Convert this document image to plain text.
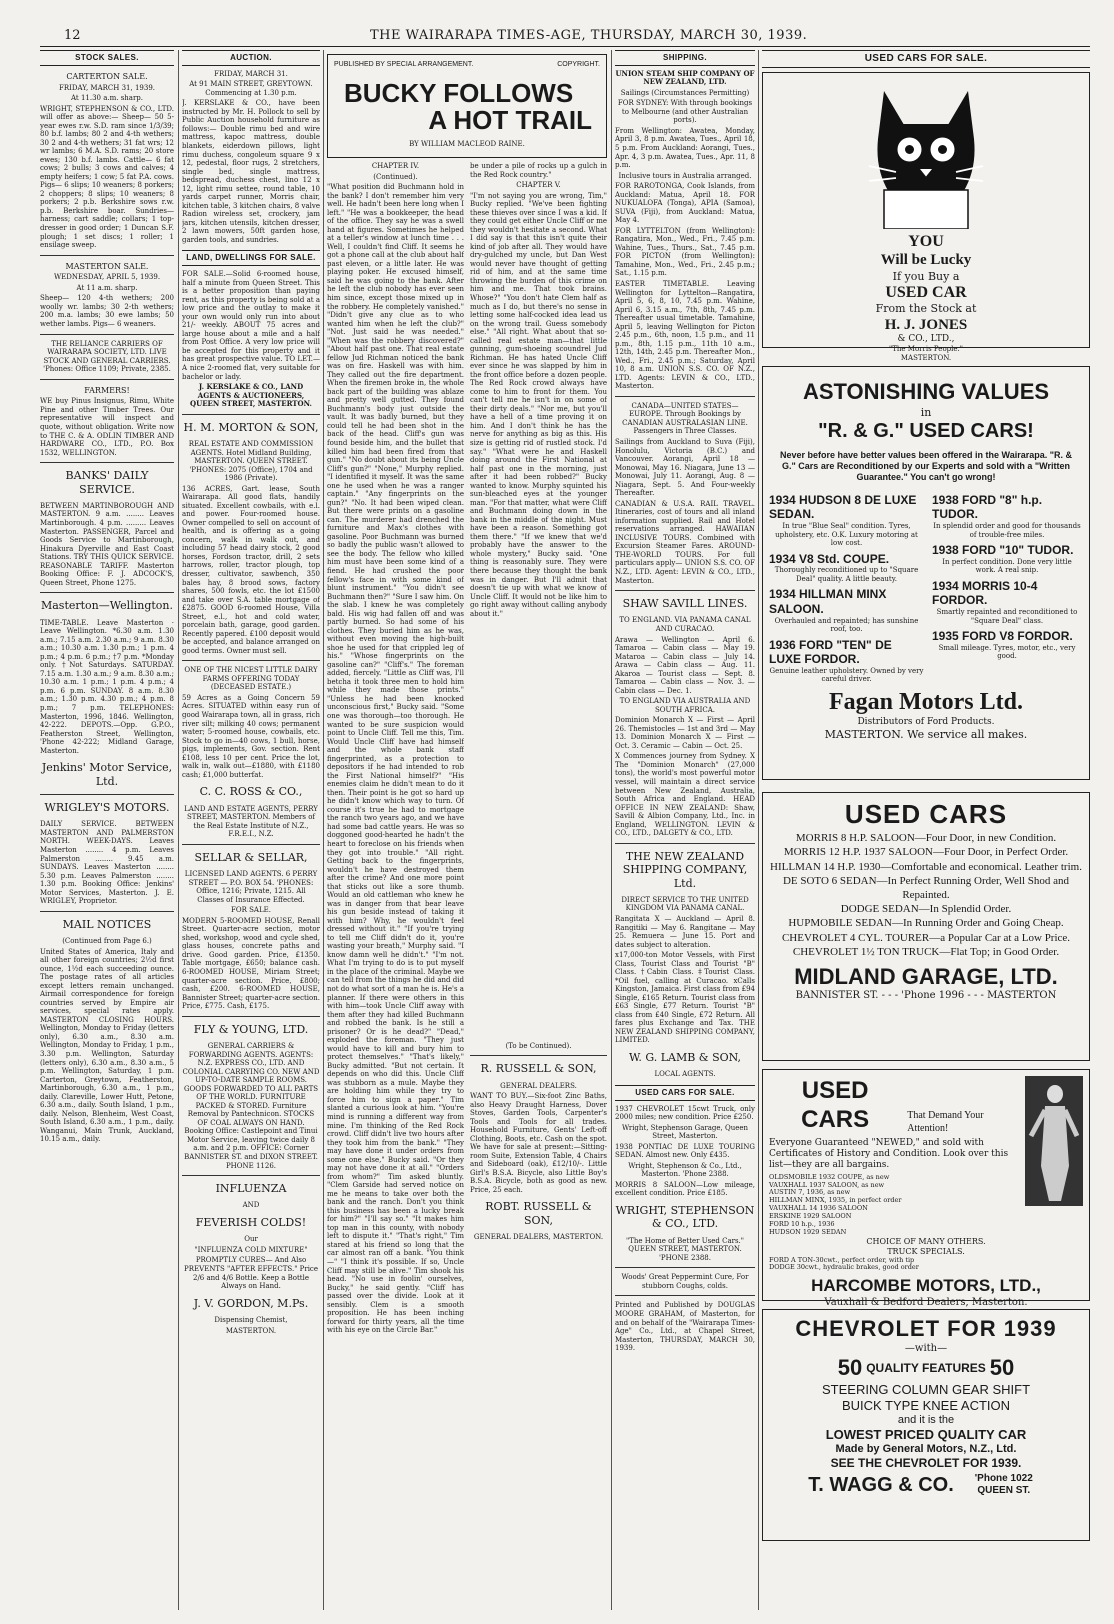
12	THE WAIRARAPA TIMES-AGE, THURSDAY, MARCH 30, 1939.
STOCK SALES.
CARTERTON SALE.

FRIDAY, MARCH 31, 1939.

At 11.30 a.m. sharp.

WRIGHT, STEPHENSON & CO., LTD. will offer as above:— Sheep— 50 5-year ewes r.w. S.D. ram since 1/3/39; 80 b.f. lambs; 80 2 and 4-th wethers; 30 2 and 4-th wethers; 31 fat wrs; 12 wr lambs; 6 M.A. S.D. rams; 20 store ewes; 130 b.f. lambs. Cattle— 6 fat cows; 2 bulls; 3 cows and calves; 4 empty heifers; 1 cow; 5 fat P.A. cows. Pigs— 6 slips; 10 weaners; 8 porkers; 2 choppers; 8 slips; 10 weaners; 8 porkers; 2 p.b. Berkshire sows r.w. p.b. Berkshire boar. Sundries— harness; cart saddle; collars; 1 top-dresser in good order; 1 Duncan S.F. plough; 1 set discs; 1 roller; 1 ensilage sweep.

MASTERTON SALE.

WEDNESDAY, APRIL 5, 1939.

At 11 a.m. sharp.

Sheep— 120 4-th wethers; 200 woolly wr. lambs; 30 2-th wethers; 200 m.a. lambs; 30 ewe lambs; 50 wether lambs. Pigs— 6 weaners.

THE RELIANCE CARRIERS OF WAIRARAPA SOCIETY, LTD. LIVE STOCK AND GENERAL CARRIERS. 'Phones: Office 1109; Private, 2385.

FARMERS!

WE buy Pinus Insignus, Rimu, White Pine and other Timber Trees. Our representative will inspect and quote, without obligation. Write now to THE C. & A. ODLIN TIMBER AND HARDWARE CO., LTD., P.O. Box 1532, WELLINGTON.

BANKS' DAILY SERVICE.

BETWEEN MARTINBOROUGH AND MASTERTON. 9 a.m. ........ Leaves Martinborough. 4 p.m. ......... Leaves Masterton. PASSENGER, Parcel and Goods Service to Martinborough, Hinakura Dyerville and East Coast Stations. TRY THIS QUICK SERVICE. REASONABLE TARIFF. Masterton Booking Office: F. J. ADCOCK'S, Queen Street, Phone 1275.

Masterton—Wellington.

TIME-TABLE. Leave Masterton · Leave Wellington. *6.30 a.m. 1.30 a.m.; 7.15 a.m. 2.30 a.m.; 9 a.m. 8.30 a.m.; 10.30 a.m. 1.30 p.m.; 1 p.m. 4 p.m.; 4 p.m. 6 p.m.; †7 p.m. *Monday only. †Not Saturdays. SATURDAY. 7.15 a.m. 1.30 a.m.; 9 a.m. 8.30 a.m.; 10.30 a.m. 1 p.m.; 1 p.m. 4 p.m.; 4 p.m. 6 p.m. SUNDAY. 8 a.m. 8.30 a.m.; 1.30 p.m. 4.30 p.m.; 4 p.m. 8 p.m.; 7 p.m. TELEPHONES: Masterton, 1996, 1846. Wellington, 42-222. DEPOTS.—Opp. G.P.O., Featherston Street, Wellington, 'Phone 42-222; Midland Garage, Masterton.

Jenkins' Motor Service, Ltd.
WRIGLEY'S MOTORS.

DAILY SERVICE. BETWEEN MASTERTON AND PALMERSTON NORTH. WEEK-DAYS. Leaves Masterton ........ 4 p.m. Leaves Palmerston ........ 9.45 a.m. SUNDAYS. Leaves Masterton ........ 5.30 p.m. Leaves Palmerston ........ 1.30 p.m. Booking Office: Jenkins' Motor Services, Masterton. J. E. WRIGLEY, Proprietor.

MAIL NOTICES

(Continued from Page 6.)

United States of America, Italy and all other foreign countries; 2½d first ounce, 1½d each succeeding ounce. The postage rates of all articles except letters remain unchanged. Airmail correspondence for foreign countries served by Empire air services, special rates apply. MASTERTON CLOSING HOURS. Wellington, Monday to Friday (letters only), 6.30 a.m., 8.30 a.m. Wellington, Monday to Friday, 1 p.m., 3.30 p.m. Wellington, Saturday (letters only), 6.30 a.m., 8.30 a.m., 5 p.m. Wellington, Saturday, 1 p.m. Carterton, Greytown, Featherston, Martinborough, 6.30 a.m., 1 p.m., daily. Clareville, Lower Hutt, Petone, 6.30 a.m., daily. South Island, 1 p.m., daily. Nelson, Blenheim, West Coast, South Island, 6.30 a.m., 1 p.m., daily. Wanganui, Main Trunk, Auckland, 10.15 a.m., daily.

AUCTION.

FRIDAY, MARCH 31.

At 91 MAIN STREET, GREYTOWN. Commencing at 1.30 p.m.

J. KERSLAKE & CO., have been instructed by Mr. H. Pollock to sell by Public Auction household furniture as follows:— Double rimu bed and wire mattress, kapoc mattress, double blankets, eiderdown pillows, light rimu duchess, congoleum square 9 x 12, pedestal, floor rugs, 2 stretchers, single bed, single mattress, bedspread, duchess chest, lino 12 x 12, light rimu settee, round table, 10 yards carpet runner, Morris chair, kitchen table, 3 kitchen chairs, 8 valve Radion wireless set, crockery, jam jars, kitchen utensils, kitchen dresser, 2 lawn mowers, 50ft garden hose, garden tools, and sundries.

LAND, DWELLINGS FOR SALE.

FOR SALE.—Solid 6-roomed house, half a minute from Queen Street. This is a better proposition than paying rent, as this property is being sold at a low price and the outlay to make it your own would only run into about 21/- weekly. ABOUT 75 acres and large house about a mile and a half from Post Office. A very low price will be accepted for this property and it has great prospective value. TO LET.—A nice 2-roomed flat, very suitable for bachelor or lady.

J. KERSLAKE & CO., LAND AGENTS & AUCTIONEERS, QUEEN STREET, MASTERTON.

H. M. MORTON & SON,

REAL ESTATE AND COMMISSION AGENTS. Hotel Midland Building, MASTERTON. QUEEN STREET. 'PHONES: 2075 (Office), 1704 and 1986 (Private).

136 ACRES, Gart. lease, South Wairarapa. All good flats, handily situated. Excellent cowbails, with e.l. and power. Four-roomed house. Owner compelled to sell on account of health, and is offering as a going concern, walk in walk out, and including 57 head dairy stock, 2 good horses, Fordson tractor, drill, 2 sets harrows, roller, tractor plough, top dresser, cultivator, sawbench, 350 bales hay, 8 brood sows, factory shares, 500 fowls, etc. the lot £1500 and take over S.A. table mortgage of £2875. GOOD 6-roomed House, Villa Street, e.l., hot and cold water, porcelain bath, garage, good garden. Recently papered. £100 deposit would be accepted, and balance arranged on good terms. Owner must sell.

ONE OF THE NICEST LITTLE DAIRY FARMS OFFERING TODAY (DECEASED ESTATE.)

59 Acres as a Going Concern 59 Acres. SITUATED within easy run of good Wairarapa town, all in grass, rich river silt; milking 40 cows; permanent water; 5-roomed house, cowbails, etc. Stock to go in—40 cows, 1 bull, horse, pigs, implements, Gov. section. Rent £108, less 10 per cent. Price the lot, walk in, walk out—£1880, with £1180 cash; £1,000 butterfat.

C. C. ROSS & CO.,

LAND AND ESTATE AGENTS, PERRY STREET, MASTERTON. Members of the Real Estate Institute of N.Z., F.R.E.I., N.Z.

SELLAR & SELLAR,

LICENSED LAND AGENTS. 6 PERRY STREET — P.O. BOX 54. 'PHONES: Office, 1216; Private, 1215. All Classes of Insurance Effected.

FOR SALE.

MODERN 5-ROOMED HOUSE, Renall Street. Quarter-acre section, motor shed, workshop, wood and cycle shed, glass houses, concrete paths and drive. Good garden. Price, £1350. Table mortgage, £650; balance cash. 6-ROOMED HOUSE, Miriam Street; quarter-acre section. Price, £800; cash, £200. 6-ROOMED HOUSE, Bannister Street; quarter-acre section. Price, £775. Cash, £175.

FLY & YOUNG, LTD.

GENERAL CARRIERS & FORWARDING AGENTS. AGENTS: N.Z. EXPRESS CO., LTD. AND COLONIAL CARRYING CO. NEW AND UP-TO-DATE SAMPLE ROOMS. GOODS FORWARDED TO ALL PARTS OF THE WORLD. FURNITURE PACKED & STORED. Furniture Removal by Pantechnicon. STOCKS OF COAL ALWAYS ON HAND. Booking Office: Castlepoint and Tinui Motor Service, leaving twice daily 8 a.m. and 2 p.m. OFFICE: Corner BANNISTER ST. and DIXON STREET. PHONE 1126.

INFLUENZA

AND

FEVERISH COLDS!

Our

"INFLUENZA COLD MIXTURE"

PROMPTLY CURES— And Also PREVENTS "AFTER EFFECTS." Price 2/6 and 4/6 Bottle. Keep a Bottle Always on Hand.

J. V. GORDON, M.Ps.

Dispensing Chemist,

MASTERTON.

PUBLISHED BY SPECIAL ARRANGEMENT.	COPYRIGHT.
BUCKY FOLLOWS
A HOT TRAIL
BY WILLIAM MACLEOD RAINE.

CHAPTER IV.

(Continued).

"What position did Buchmann hold in the bank? I don't remember him very well. He hadn't been here long when I left." "He was a bookkeeper, the head of the office. They say he was a swell hand at figures. Sometimes he helped at a teller's window at lunch time . . . Well, I couldn't find Cliff. It seems he got a phone call at the club about half past eleven, or a little later. He was playing poker. He excused himself, said he was going to the bank. After he left the club nobody has ever seen him since, except those mixed up in the robbery. He completely vanished." "Didn't give any clue as to who wanted him when he left the club?" "Not. Just said he was needed." "When was the robbery discovered?" "About half past one. That real estate fellow Jud Richman noticed the bank was on fire. Haskell was with him. They called out the fire department. When the firemen broke in, the whole back part of the building was ablaze and pretty well gutted. They found Buchmann's body just outside the vault. It was badly burned, but they could tell he had been shot in the back of the head. Cliff's gun was found beside him, and the bullet that killed him had been fired from that gun." "No doubt about its being Uncle Cliff's gun?" "None," Murphy replied. "I identified it myself. It was the same one he used when he was a ranger captain." "Any fingerprints on the gun?" "No. It had been wiped clean. But there were prints on a gasoline can. The murderer had drenched the furniture and Max's clothes with gasoline. Poor Buchmann was burned so badly the public wasn't allowed to see the body. The fellow who killed him must have been some kind of a fiend. He had crushed the poor fellow's face in with some kind of blunt instrument." "You didn't see Buchmann then?" "Sure I saw him. On the slab. I knew he was completely bald. His wig had fallen off and was partly burned. So had some of his clothes. They buried him as he was, without even moving the high-built shoe he used for that crippled leg of his." "Whose fingerprints on the gasoline can?" "Cliff's." The foreman added, fiercely. "Little as Cliff was, I'll betcha it took three men to hold him while they made those prints." "Unless he had been knocked unconscious first," Bucky said. "Some one was thorough—too thorough. He wanted to be sure suspicion would point to Uncle Cliff. Tell me this, Tim. Would Uncle Cliff have had himself and the whole bank staff fingerprinted, as a protection to depositors if he had intended to rob the First National himself?" "His enemies claim he didn't mean to do it then. Their point is he got so hard up he didn't know which way to turn. Of course it's true he had to mortgage the ranch two years ago, and we have had some bad cattle years. He was so doggoned good-hearted he hadn't the heart to foreclose on his friends when they got into trouble." "All right. Getting back to the fingerprints, wouldn't he have destroyed them after the crime? And one more point that sticks out like a sore thumb. Would an old cattleman who knew he was in danger from that bear leave his gun beside instead of taking it with him? Why, he wouldn't feel dressed without it." "If you're trying to tell me Cliff didn't do it, you're wasting your breath," Murphy said. "I know damn well he didn't." "I'm not. What I'm trying to do is to put myself in the place of the criminal. Maybe we can tell from the things he did and did not do what sort of a man he is. He's a planner. If there were others in this with him—took Uncle Cliff away with them after they had killed Buchmann and robbed the bank. Is he still a prisoner? Or is he dead?" "Dead," exploded the foreman. "They just would have to kill and bury him to protect themselves." "That's likely," Bucky admitted. "But not certain. It depends on who did this. Uncle Cliff was stubborn as a mule. Maybe they are holding him while they try to force him to sign a paper." Tim slanted a curious look at him. "You're mind is running a different way from mine. I'm thinking of the Red Rock crowd. Cliff didn't live two hours after they took him from the bank." "They may have done it under orders from some one else," Bucky said. "Or they may not have done it at all." "Orders from whom?" Tim asked bluntly. "Clem Garside had served notice on me he means to take over both the bank and the ranch. Don't you think this business has been a lucky break for him?" "I'll say so." "It makes him top man in this county, with nobody left to dispute it." "That's right," Tim stared at his friend so long that the car almost ran off a bank. "You think—" "I think it's possible. If so, Uncle Cliff may still be alive." Tim shook his head. "No use in foolin' ourselves, Bucky," he said gently. "Cliff has passed over the divide. Look at it sensibly. Clem is a smooth proposition. He has been inching forward for thirty years, all the time with his eye on the Circle Bar."

be under a pile of rocks up a gulch in the Red Rock country."

CHAPTER V.

"I'm not saying you are wrong, Tim," Bucky replied. "We've been fighting these thieves over since I was a kid. If they could get either Uncle Cliff or me they wouldn't hesitate a second. What I did say is that this isn't quite their kind of job after all. They would have dry-gulched my uncle, but Dan West would never have thought of getting rid of him, and at the same time throwing the burden of this crime on him and me. That took brains. Whose?" "You don't hate Clem half as much as I do, but there's no sense in letting some half-cocked idea lead us on the wrong trail. Guess somebody else." "All right. What about that so-called real estate man—that little gunning, gum-shoeing scoundrel Jud Richman. He has hated Uncle Cliff ever since he was slapped by him in the front office before a dozen people. The Red Rock crowd always have come to him to front for them. You can't tell me he isn't in on some of their dirty deals." "Nor me, but you'll have a hell of a time proving it on him. And I don't think he has the nerve for anything as big as this. His size is getting rid of rustled stock. I'd say." "What were he and Haskell doing around the First National at half past one in the morning, just after it had been robbed?" Bucky wanted to know. Murphy squinted his sun-bleached eyes at the younger man. "For that matter, what were Cliff and Buchmann doing down in the bank in the middle of the night. Must have been a reason. Something got them there." "If we knew that we'd probably have the answer to the whole mystery," Bucky said. "One thing is reasonably sure. They were there because they thought the bank was in danger. But I'll admit that doesn't tie up with what we know of Uncle Cliff. It would not be like him to go right away without calling anybody about it."

(To be Continued).

R. RUSSELL & SON,

GENERAL DEALERS.

WANT TO BUY.—Six-foot Zinc Baths, also Heavy Draught Harness, Dover Stoves, Garden Tools, Carpenter's Tools and Tools for all trades. Household Furniture, Gents' Left-off Clothing, Boots, etc. Cash on the spot. We have for sale at present:—Sitting-room Suite, Extension Table, 4 Chairs and Sideboard (oak), £12/10/-. Little Girl's B.S.A. Bicycle, also Little Boy's B.S.A. Bicycle, both as good as new. Price, 25 each.

ROBT. RUSSELL & SON,

GENERAL DEALERS, MASTERTON.

SHIPPING.

UNION STEAM SHIP COMPANY OF NEW ZEALAND, LTD.

Sailings (Circumstances Permitting)

FOR SYDNEY: With through bookings to Melbourne (and other Australian ports).

From Wellington: Awatea, Monday, April 3, 8 p.m. Awatea, Tues., April 18, 5 p.m. From Auckland: Aorangi, Tues., Apr. 4, 3 p.m. Awatea, Tues., Apr. 11, 8 p.m.

Inclusive tours in Australia arranged.

FOR RAROTONGA, Cook Islands, from Auckland: Matua, April 18. FOR NUKUALOFA (Tonga), APIA (Samoa), SUVA (Fiji), from Auckland: Matua, May 4.

FOR LYTTELTON (from Wellington): Rangatira, Mon., Wed., Fri., 7.45 p.m. Wahine, Tues., Thurs., Sat., 7.45 p.m. FOR PICTON (from Wellington): Tamahine, Mon., Wed., Fri., 2.45 p.m.; Sat., 1.15 p.m.

EASTER TIMETABLE. Leaving Wellington for Lyttelton—Rangatira, April 5, 6, 8, 10, 7.45 p.m. Wahine, April 6, 3.15 a.m., 7th, 8th, 7.45 p.m. Thereafter usual timetable. Tamahine, April 5, leaving Wellington for Picton 2.45 p.m., 6th, noon, 1.5 p.m., and 11 p.m., 8th, 1.15 p.m., 11th 10 a.m., 12th, 14th, 2.45 p.m. Thereafter Mon., Wed., Fri., 2.45 p.m.; Saturday, April 10, 8 a.m. UNION S.S. CO. OF N.Z., LTD. Agents: LEVIN & CO., LTD., Masterton.

CANADA—UNITED STATES—EUROPE. Through Bookings by CANADIAN AUSTRALASIAN LINE. Passengers in Three Classes.

Sailings from Auckland to Suva (Fiji), Honolulu, Victoria (B.C.) and Vancouver. Aorangi, April 18 — Monowai, May 16. Niagara, June 13 — Monowai, July 11. Aorangi, Aug. 8 — Niagara, Sept. 5. And Four-weekly Thereafter.

CANADIAN & U.S.A. RAIL TRAVEL. Itineraries, cost of tours and all inland information supplied. Rail and Hotel reservations arranged. HAWAIIAN INCLUSIVE TOURS. Combined with Excursion Steamer Fares. AROUND-THE-WORLD TOURS. For full particulars apply— UNION S.S. CO. OF N.Z., LTD. Agent: LEVIN & CO., LTD., Masterton.

SHAW SAVILL LINES.

TO ENGLAND. VIA PANAMA CANAL AND CURACAO.

Arawa — Wellington — April 6. Tamaroa — Cabin class — May 19. Mataroa — Cabin class — July 14. Arawa — Cabin class — Aug. 11. Akaroa — Tourist class — Sept. 8. Tamaroa — Cabin class — Nov. 3. — Cabin class — Dec. 1.

TO ENGLAND VIA AUSTRALIA AND SOUTH AFRICA.

Dominion Monarch X — First — April 26. Themistocles — 1st and 3rd — May 13. Dominion Monarch X — First — Oct. 3. Ceramic — Cabin — Oct. 25.

X Commences journey from Sydney. X The "Dominion Monarch" (27,000 tons), the world's most powerful motor vessel, will maintain a direct service between New Zealand, Australia, South Africa and England. HEAD OFFICE IN NEW ZEALAND: Shaw, Savill & Albion Company, Ltd., Inc. in England, WELLINGTON. LEVIN & CO., LTD., DALGETY & CO., LTD.

THE NEW ZEALAND SHIPPING COMPANY, Ltd.

DIRECT SERVICE TO THE UNITED KINGDOM VIA PANAMA CANAL.

Rangitata X — Auckland — April 8. Rangitiki — May 6. Rangitane — May 25. Remuera — June 15. Port and dates subject to alteration.

x17,000-ton Motor Vessels, with First Class, Tourist Class and Tourist "B" Class. †Cabin Class. ‡Tourist Class. *Oil fuel, calling at Curacao. xCalls Kingston, Jamaica. First class from £94 Single, £165 Return. Tourist class from £63 Single, £77 Return. Tourist "B" class from £40 Single, £72 Return. All fares plus Exchange and Tax. THE NEW ZEALAND SHIPPING COMPANY, LIMITED.

W. G. LAMB & SON,

LOCAL AGENTS.

USED CARS FOR SALE.

1937 CHEVROLET 15cwt Truck, only 2000 miles; new condition. Price £250.

Wright, Stephenson Garage, Queen Street, Masterton.

1938 PONTIAC DE LUXE TOURING SEDAN. Almost new. Only £435.

Wright, Stephenson & Co., Ltd., Masterton. 'Phone 2388.

MORRIS 8 SALOON—Low mileage, excellent condition. Price £185.

WRIGHT, STEPHENSON & CO., LTD.

"The Home of Better Used Cars." QUEEN STREET, MASTERTON. 'PHONE 2388.

Woods' Great Peppermint Cure, For stubborn Coughs, colds.

Printed and Published by DOUGLAS MOORE GRAHAM, of Masterton, for and on behalf of the "Wairarapa Times-Age" Co., Ltd., at Chapel Street, Masterton, THURSDAY, MARCH 30, 1939.

USED CARS FOR SALE.
YOU
Will be Lucky
If you Buy a
USED CAR
From the Stock at
H. J. JONES
& CO., LTD.,
"The Morris People."
MASTERTON.
ASTONISHING VALUES
in
"R. & G." USED CARS!

Never before have better values been offered in the Wairarapa. "R. & G." Cars are Reconditioned by our Experts and sold with a "Written Guarantee." You can't go wrong!

1934 HUDSON 8 DE LUXE SEDAN.
In true "Blue Seal" condition. Tyres, upholstery, etc. O.K. Luxury motoring at low cost.
1934 V8 Std. COUPE.
Thoroughly reconditioned up to "Square Deal" quality. A little beauty.
1934 HILLMAN MINX SALOON.
Overhauled and repainted; has sunshine roof, too.
1936 FORD "TEN" DE LUXE FORDOR.
Genuine leather upholstery. Owned by very careful driver.
1938 FORD "8" h.p. TUDOR.
In splendid order and good for thousands of trouble-free miles.
1938 FORD "10" TUDOR.
In perfect condition. Done very little work. A real snip.
1934 MORRIS 10-4 FORDOR.
Smartly repainted and reconditioned to "Square Deal" class.
1935 FORD V8 FORDOR.
Small mileage. Tyres, motor, etc., very good.
Fagan Motors Ltd.
Distributors of Ford Products.
MASTERTON. We service all makes.
USED CARS
MORRIS 8 H.P. SALOON—Four Door, in new Condition.
MORRIS 12 H.P. 1937 SALOON—Four Door, in Perfect Order.
HILLMAN 14 H.P. 1930—Comfortable and economical. Leather trim.
DE SOTO 6 SEDAN—In Perfect Running Order, Well Shod and Repainted.
DODGE SEDAN—In Splendid Order.
HUPMOBILE SEDAN—In Running Order and Going Cheap.
CHEVROLET 4 CYL. TOURER—a Popular Car at a Low Price.
CHEVROLET 1½ TON TRUCK—Flat Top; in Good Order.
MIDLAND GARAGE, LTD.
BANNISTER ST. - - - 'Phone 1996 - - - MASTERTON
USED CARS	That Demand Your Attention!

Everyone Guaranteed "NEWED," and sold with Certificates of History and Condition. Look over this list—they are all bargains.

OLDSMOBILE 1932 COUPE, as new
VAUXHALL 1937 SALOON, as new
AUSTIN 7, 1936, as new
HILLMAN MINX, 1935, in perfect order
VAUXHALL 14 1936 SALOON
ERSKINE 1929 SALOON
FORD 10 h.p., 1936
HUDSON 1929 SEDAN
CHOICE OF MANY OTHERS.
TRUCK SPECIALS.
FORD A TON-30cwt., perfect order, with tip
DODGE 30cwt., hydraulic brakes, good order
HARCOMBE MOTORS, LTD.,
Vauxhall & Bedford Dealers, Masterton.
CHEVROLET FOR 1939
—with—
50 QUALITY FEATURES 50
STEERING COLUMN GEAR SHIFT
BUICK TYPE KNEE ACTION
and it is the
LOWEST PRICED QUALITY CAR
Made by General Motors, N.Z., Ltd.
SEE THE CHEVROLET FOR 1939.
T. WAGG & CO.	'Phone 1022 QUEEN ST.
